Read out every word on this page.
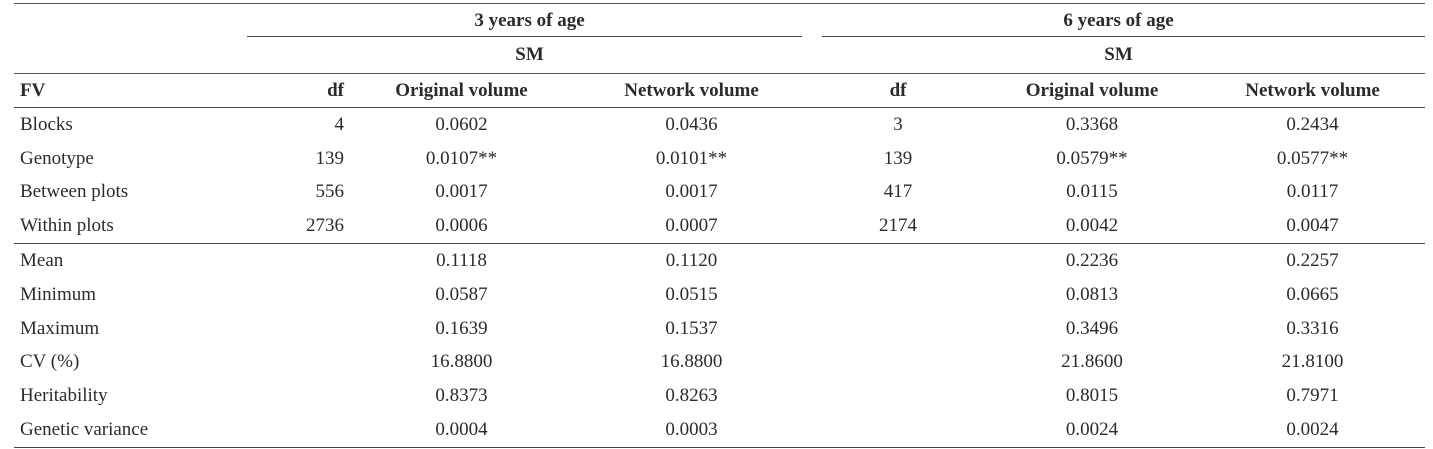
	3 years of age			6 years of age		
	SM			SM		
FV	df	Original volume	Network volume	df	Original volume	Network volume
Blocks	4	0.0602	0.0436	3	0.3368	0.2434
Genotype	139	0.0107**	0.0101**	139	0.0579**	0.0577**
Between plots	556	0.0017	0.0017	417	0.0115	0.0117
Within plots	2736	0.0006	0.0007	2174	0.0042	0.0047
Mean		0.1118	0.1120		0.2236	0.2257
Minimum		0.0587	0.0515		0.0813	0.0665
Maximum		0.1639	0.1537		0.3496	0.3316
CV (%)		16.8800	16.8800		21.8600	21.8100
Heritability		0.8373	0.8263		0.8015	0.7971
Genetic variance		0.0004	0.0003		0.0024	0.0024
